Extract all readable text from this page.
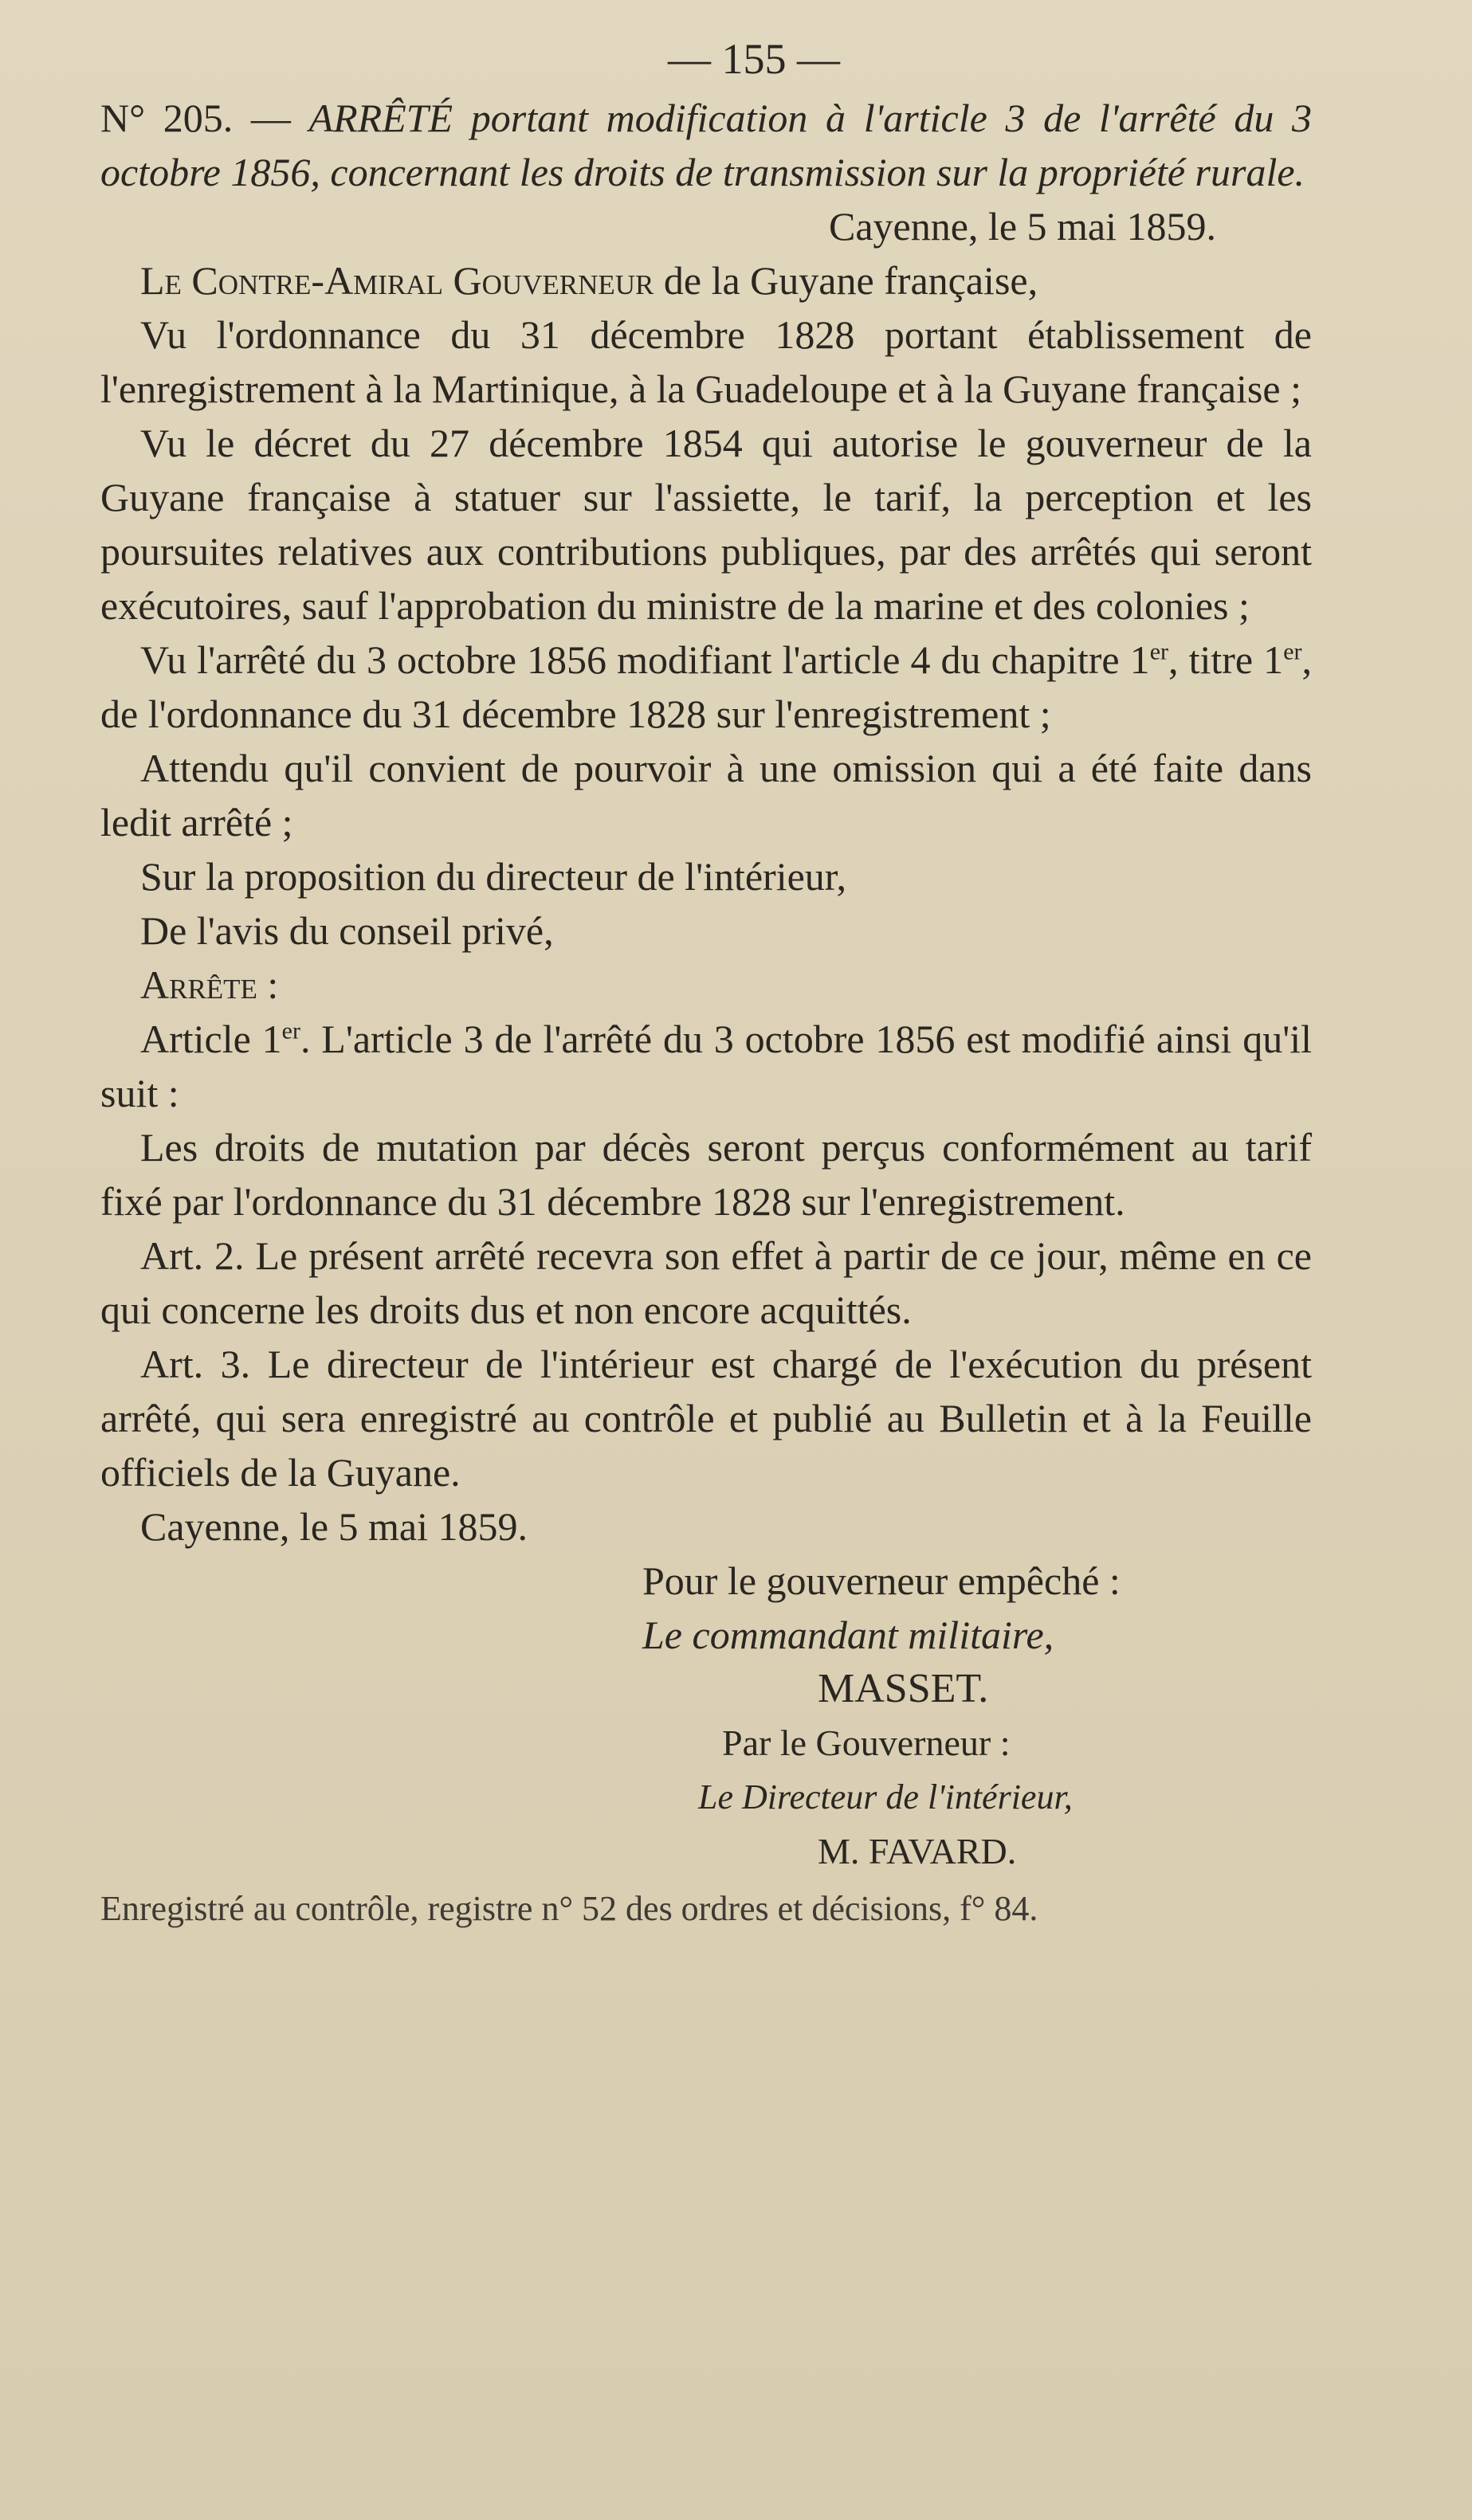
— 155 —
N° 205. — ARRÊTÉ portant modification à l'article 3 de l'arrêté du 3 octobre 1856, concernant les droits de transmission sur la propriété rurale.
Cayenne, le 5 mai 1859.

Le Contre-Amiral Gouverneur de la Guyane française,

Vu l'ordonnance du 31 décembre 1828 portant établissement de l'enregistrement à la Martinique, à la Guadeloupe et à la Guyane française ;

Vu le décret du 27 décembre 1854 qui autorise le gouverneur de la Guyane française à statuer sur l'assiette, le tarif, la perception et les poursuites relatives aux contributions publiques, par des arrêtés qui seront exécutoires, sauf l'approbation du ministre de la marine et des colonies ;

Vu l'arrêté du 3 octobre 1856 modifiant l'article 4 du chapitre 1er, titre 1er, de l'ordonnance du 31 décembre 1828 sur l'enregistrement ;

Attendu qu'il convient de pourvoir à une omission qui a été faite dans ledit arrêté ;

Sur la proposition du directeur de l'intérieur,

De l'avis du conseil privé,

Arrête :

Article 1er. L'article 3 de l'arrêté du 3 octobre 1856 est modifié ainsi qu'il suit :

Les droits de mutation par décès seront perçus conformément au tarif fixé par l'ordonnance du 31 décembre 1828 sur l'enregistrement.

Art. 2. Le présent arrêté recevra son effet à partir de ce jour, même en ce qui concerne les droits dus et non encore acquittés.

Art. 3. Le directeur de l'intérieur est chargé de l'exécution du présent arrêté, qui sera enregistré au contrôle et publié au Bulletin et à la Feuille officiels de la Guyane.

Cayenne, le 5 mai 1859.

Pour le gouverneur empêché :
Le commandant militaire,
MASSET.
Par le Gouverneur :
Le Directeur de l'intérieur,
M. FAVARD.
Enregistré au contrôle, registre n° 52 des ordres et décisions, f° 84.
